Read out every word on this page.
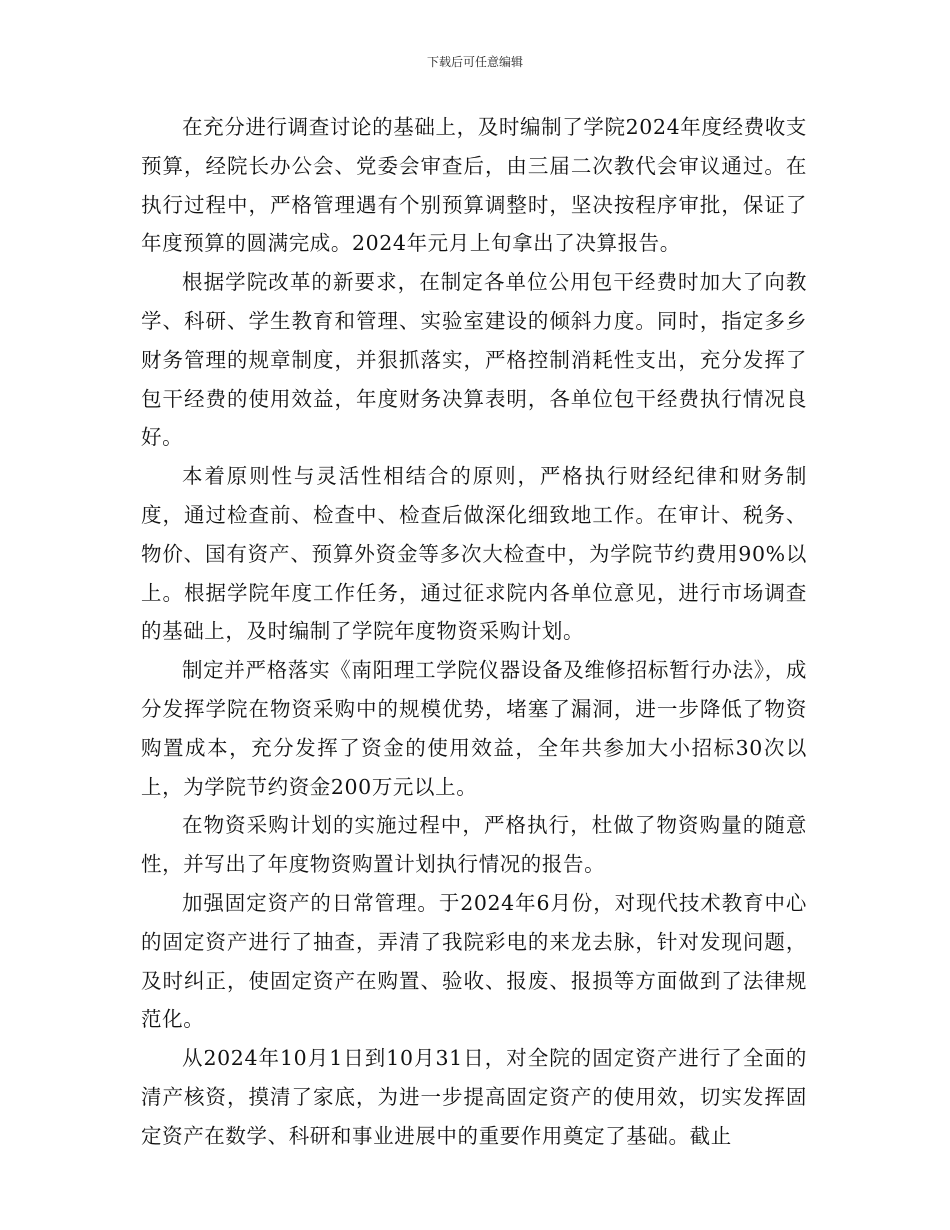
下载后可任意编辑

在充分进行调查讨论的基础上，及时编制了学院2024年度经费收支预算，经院长办公会、党委会审查后，由三届二次教代会审议通过。在执行过程中，严格管理遇有个别预算调整时，坚决按程序审批，保证了年度预算的圆满完成。2024年元月上旬拿出了决算报告。

根据学院改革的新要求，在制定各单位公用包干经费时加大了向教学、科研、学生教育和管理、实验室建设的倾斜力度。同时，指定多乡财务管理的规章制度，并狠抓落实，严格控制消耗性支出，充分发挥了包干经费的使用效益，年度财务决算表明，各单位包干经费执行情况良好。

本着原则性与灵活性相结合的原则，严格执行财经纪律和财务制度，通过检查前、检查中、检查后做深化细致地工作。在审计、税务、物价、国有资产、预算外资金等多次大检查中，为学院节约费用90%以上。根据学院年度工作任务，通过征求院内各单位意见，进行市场调查的基础上，及时编制了学院年度物资采购计划。

制定并严格落实《南阳理工学院仪器设备及维修招标暂行办法》，成分发挥学院在物资采购中的规模优势，堵塞了漏洞，进一步降低了物资购置成本，充分发挥了资金的使用效益，全年共参加大小招标30次以上，为学院节约资金200万元以上。

在物资采购计划的实施过程中，严格执行，杜做了物资购量的随意性，并写出了年度物资购置计划执行情况的报告。

加强固定资产的日常管理。于2024年6月份，对现代技术教育中心的固定资产进行了抽查，弄清了我院彩电的来龙去脉，针对发现问题，及时纠正，使固定资产在购置、验收、报废、报损等方面做到了法律规范化。

从2024年10月1日到10月31日，对全院的固定资产进行了全面的清产核资，摸清了家底，为进一步提高固定资产的使用效，切实发挥固定资产在数学、科研和事业进展中的重要作用奠定了基础。截止
